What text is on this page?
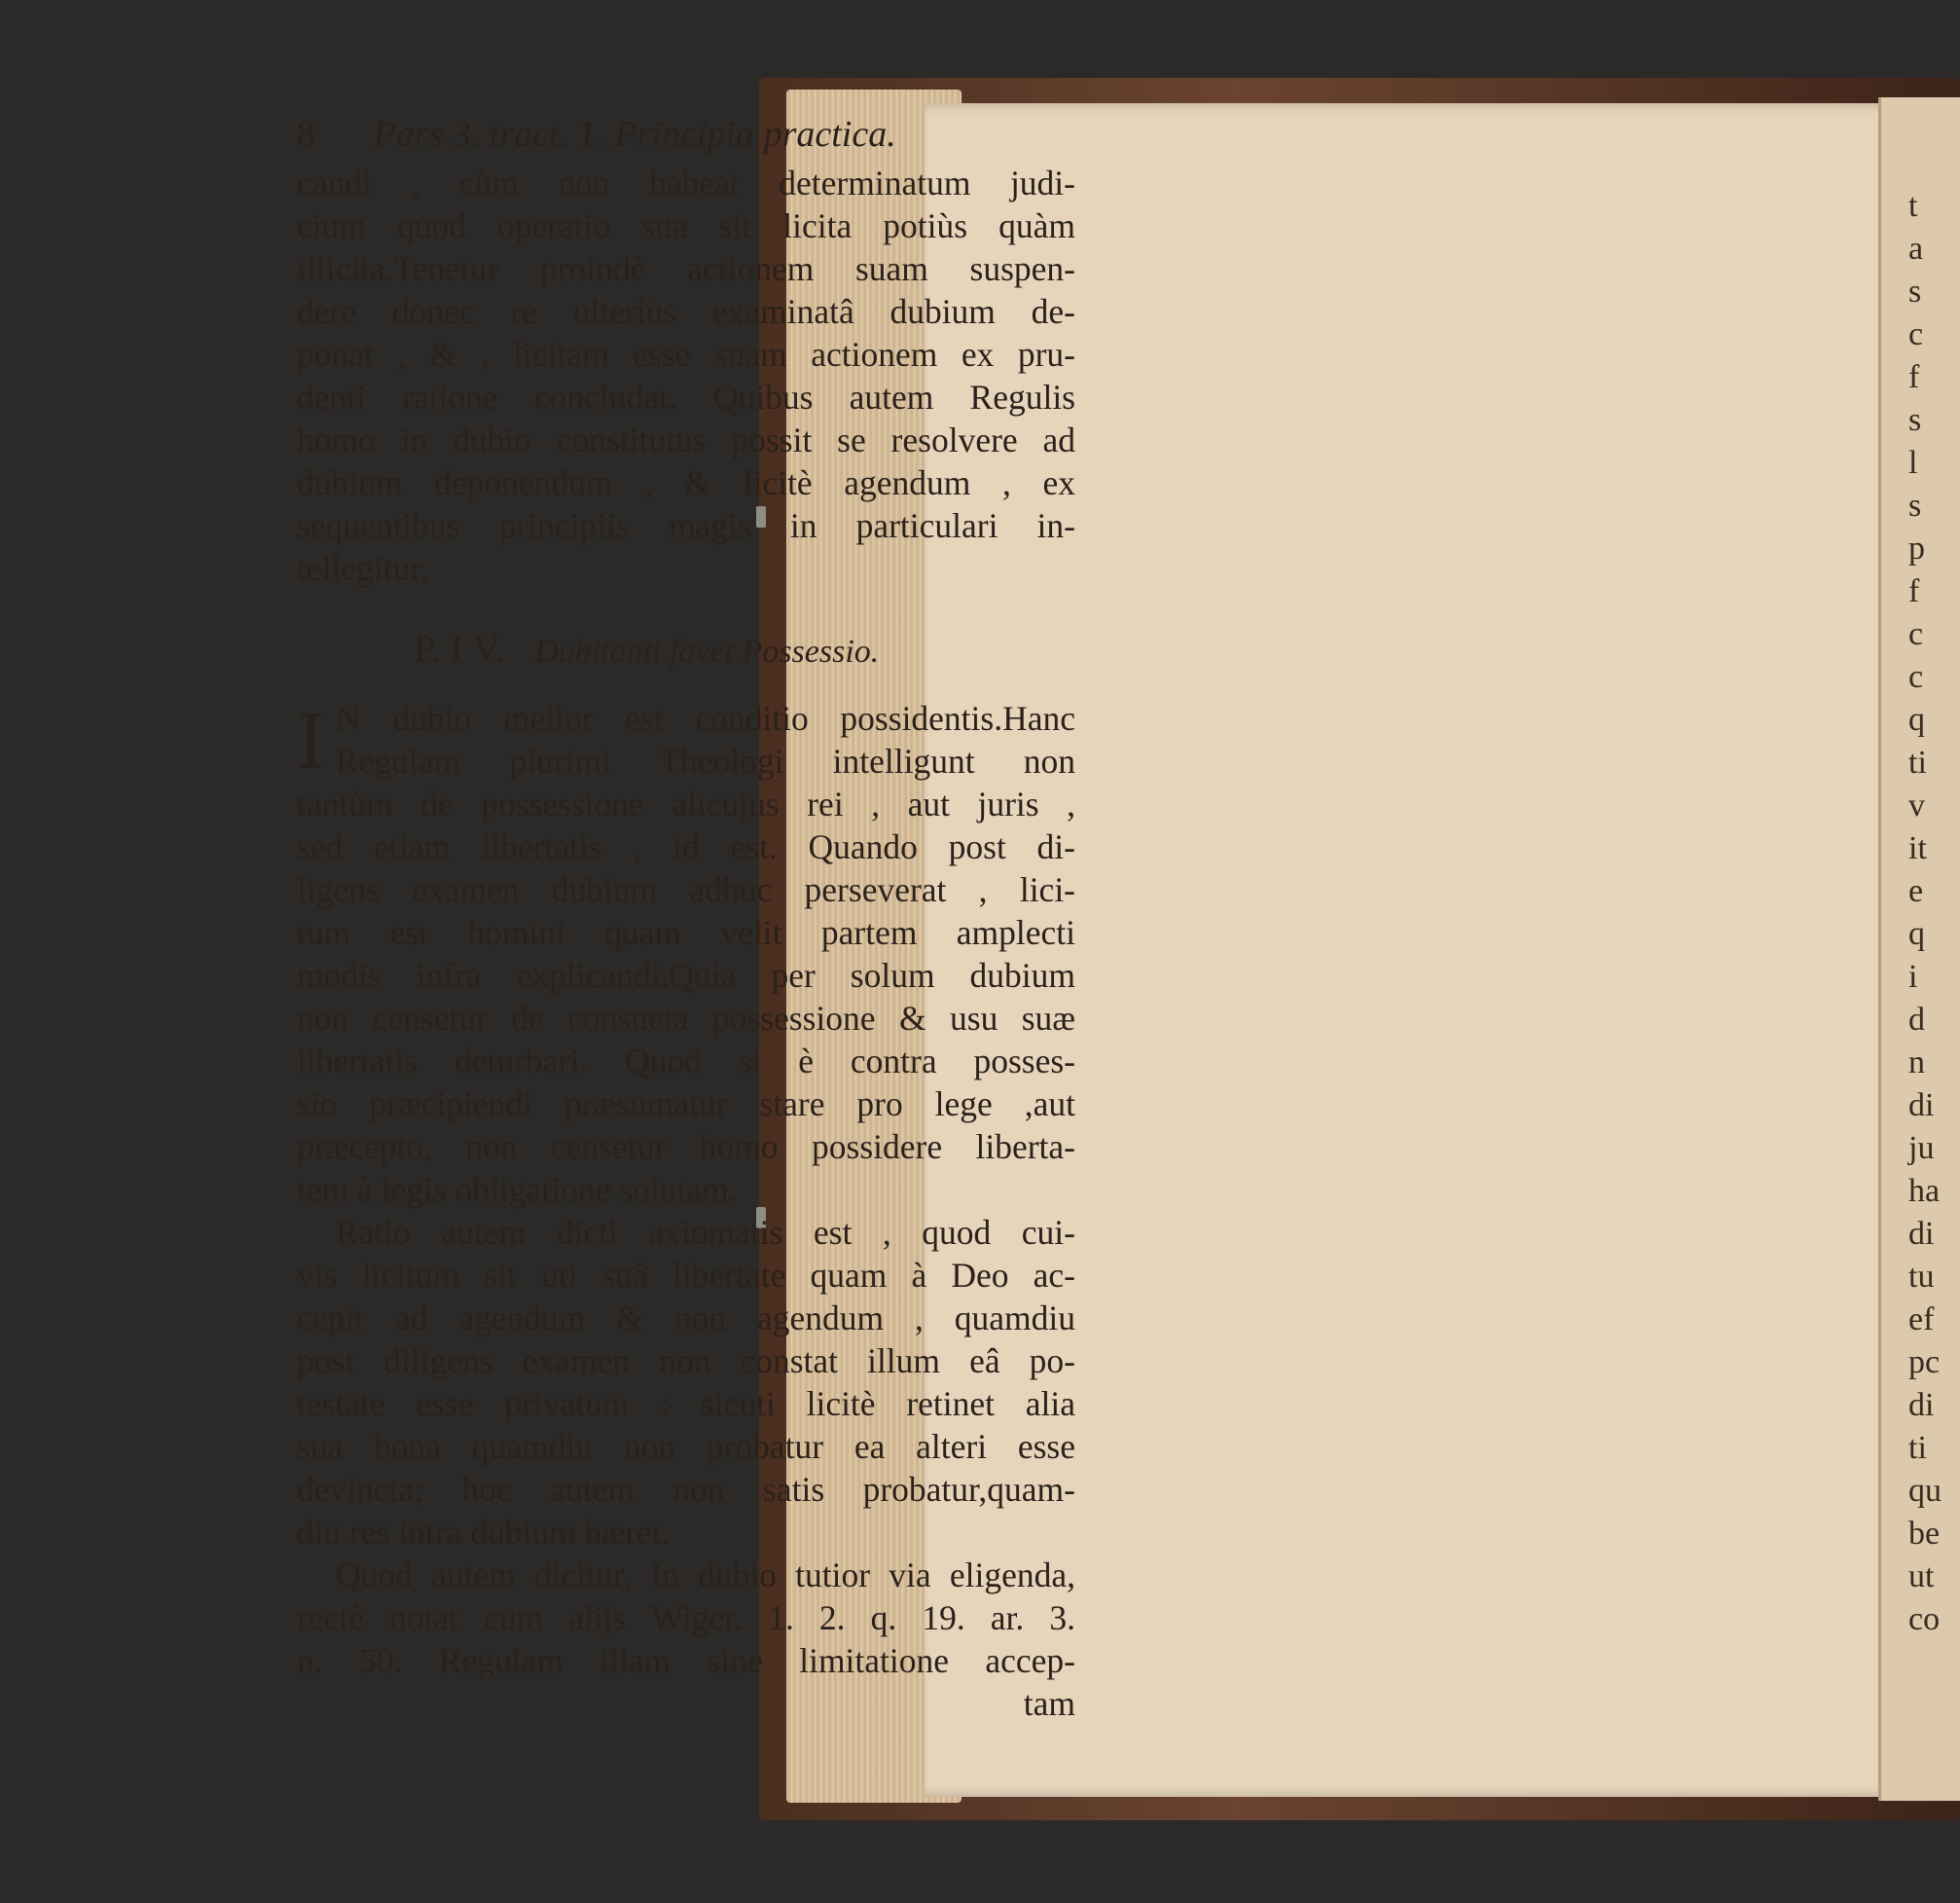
t
a
s
c
f
s
l
s
p
f
c
c
q
ti
v
it
e
q
i
d
n
di
ju
ha
di
tu
ef
pc
di
ti
qu
be
ut
co
8 Pars 3. tract. 1. Principia practica.
candi , cùm non habeat determinatum judi-
cium quod operatio sua sit licita potiùs quàm
illicita.Tenetur proindè actionem suam suspen-
dere donec re ulteriùs examinatâ dubium de-
ponat , & , licitam esse suam actionem ex pru-
denti ratione concludat. Quibus autem Regulis
homo in dubio constitutus possit se resolvere ad
dubium deponendum , & licitè agendum , ex
sequentibus principiis magis in particulari in-
tellegitur.
P. I V. Dubitanti favet Possessio.
I N dubio melior est conditio possidentis.Hanc
Regulam plurimi Theologi intelligunt non
tantùm de possessione alicujus rei , aut juris ,
sed etiam libertatis , id est. Quando post di-
ligens examen dubium adhuc perseverat , lici-
tum est homini quam velit partem amplecti
modis infra explicandi.Quia per solum dubium
non censetur de consueta possessione & usu suæ
libertatis deturbari. Quod si è contra posses-
sio præcipiendi præsumatur stare pro lege ,aut
præcepto, non censetur homo possidere liberta-
tem à legis obligatione solutam.
Ratio autem dicti axiomatis est , quod cui-
vis licitum sit uti suâ libertate quam à Deo ac-
cepit ad agendum & non agendum , quamdiu
post diligens examen non constat illum eâ po-
testate esse privatum : sicuti licitè retinet alia
sua bona quamdiu non probatur ea alteri esse
devincta; hoc autem non satis probatur,quam-
diu res intra dubium hæret.
Quod autem dicitur, In dubio tutior via eligenda,
rectè notat cum alijs Wiger. 1. 2. q. 19. ar. 3.
n. 50. Regulam illam sine limitatione accep-
tam
